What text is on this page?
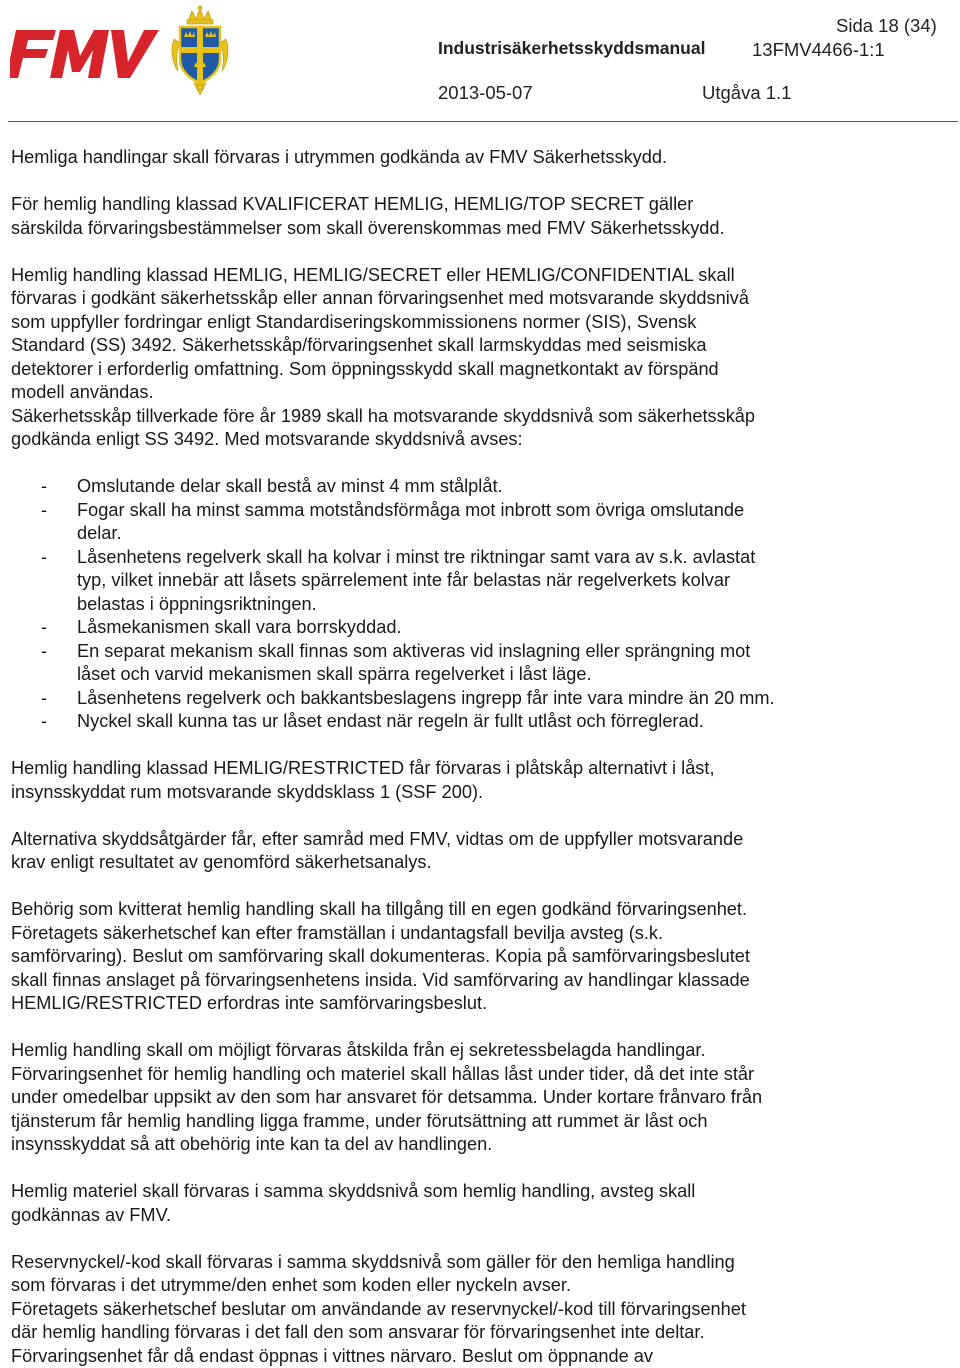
FMV	Sida 18 (34)
Industrisäkerhetsskyddsmanual	13FMV4466-1:1
2013-05-07	Utgåva 1.1

Hemliga handlingar skall förvaras i utrymmen godkända av FMV Säkerhetsskydd.

För hemlig handling klassad KVALIFICERAT HEMLIG, HEMLIG/TOP SECRET gäller
särskilda förvaringsbestämmelser som skall överenskommas med FMV Säkerhetsskydd.

Hemlig handling klassad HEMLIG, HEMLIG/SECRET eller HEMLIG/CONFIDENTIAL skall
förvaras i godkänt säkerhetsskåp eller annan förvaringsenhet med motsvarande skyddsnivå
som uppfyller fordringar enligt Standardiseringskommissionens normer (SIS), Svensk
Standard (SS) 3492. Säkerhetsskåp/förvaringsenhet skall larmskyddas med seismiska
detektorer i erforderlig omfattning. Som öppningsskydd skall magnetkontakt av förspänd
modell användas.
Säkerhetsskåp tillverkade före år 1989 skall ha motsvarande skyddsnivå som säkerhetsskåp
godkända enligt SS 3492. Med motsvarande skyddsnivå avses:

- Omslutande delar skall bestå av minst 4 mm stålplåt.
- Fogar skall ha minst samma motståndsförmåga mot inbrott som övriga omslutande
delar.
- Låsenhetens regelverk skall ha kolvar i minst tre riktningar samt vara av s.k. avlastat
typ, vilket innebär att låsets spärrelement inte får belastas när regelverkets kolvar
belastas i öppningsriktningen.
- Låsmekanismen skall vara borrskyddad.
- En separat mekanism skall finnas som aktiveras vid inslagning eller sprängning mot
låset och varvid mekanismen skall spärra regelverket i låst läge.
- Låsenhetens regelverk och bakkantsbeslagens ingrepp får inte vara mindre än 20 mm.
- Nyckel skall kunna tas ur låset endast när regeln är fullt utlåst och förreglerad.

Hemlig handling klassad HEMLIG/RESTRICTED får förvaras i plåtskåp alternativt i låst,
insynsskyddat rum motsvarande skyddsklass 1 (SSF 200).

Alternativa skyddsåtgärder får, efter samråd med FMV, vidtas om de uppfyller motsvarande
krav enligt resultatet av genomförd säkerhetsanalys.

Behörig som kvitterat hemlig handling skall ha tillgång till en egen godkänd förvaringsenhet.
Företagets säkerhetschef kan efter framställan i undantagsfall bevilja avsteg (s.k.
samförvaring). Beslut om samförvaring skall dokumenteras. Kopia på samförvaringsbeslutet
skall finnas anslaget på förvaringsenhetens insida. Vid samförvaring av handlingar klassade
HEMLIG/RESTRICTED erfordras inte samförvaringsbeslut.

Hemlig handling skall om möjligt förvaras åtskilda från ej sekretessbelagda handlingar.
Förvaringsenhet för hemlig handling och materiel skall hållas låst under tider, då det inte står
under omedelbar uppsikt av den som har ansvaret för detsamma. Under kortare frånvaro från
tjänsterum får hemlig handling ligga framme, under förutsättning att rummet är låst och
insynsskyddat så att obehörig inte kan ta del av handlingen.

Hemlig materiel skall förvaras i samma skyddsnivå som hemlig handling, avsteg skall
godkännas av FMV.

Reservnyckel/-kod skall förvaras i samma skyddsnivå som gäller för den hemliga handling
som förvaras i det utrymme/den enhet som koden eller nyckeln avser.
Företagets säkerhetschef beslutar om användande av reservnyckel/-kod till förvaringsenhet
där hemlig handling förvaras i det fall den som ansvarar för förvaringsenhet inte deltar.
Förvaringsenhet får då endast öppnas i vittnes närvaro. Beslut om öppnande av
